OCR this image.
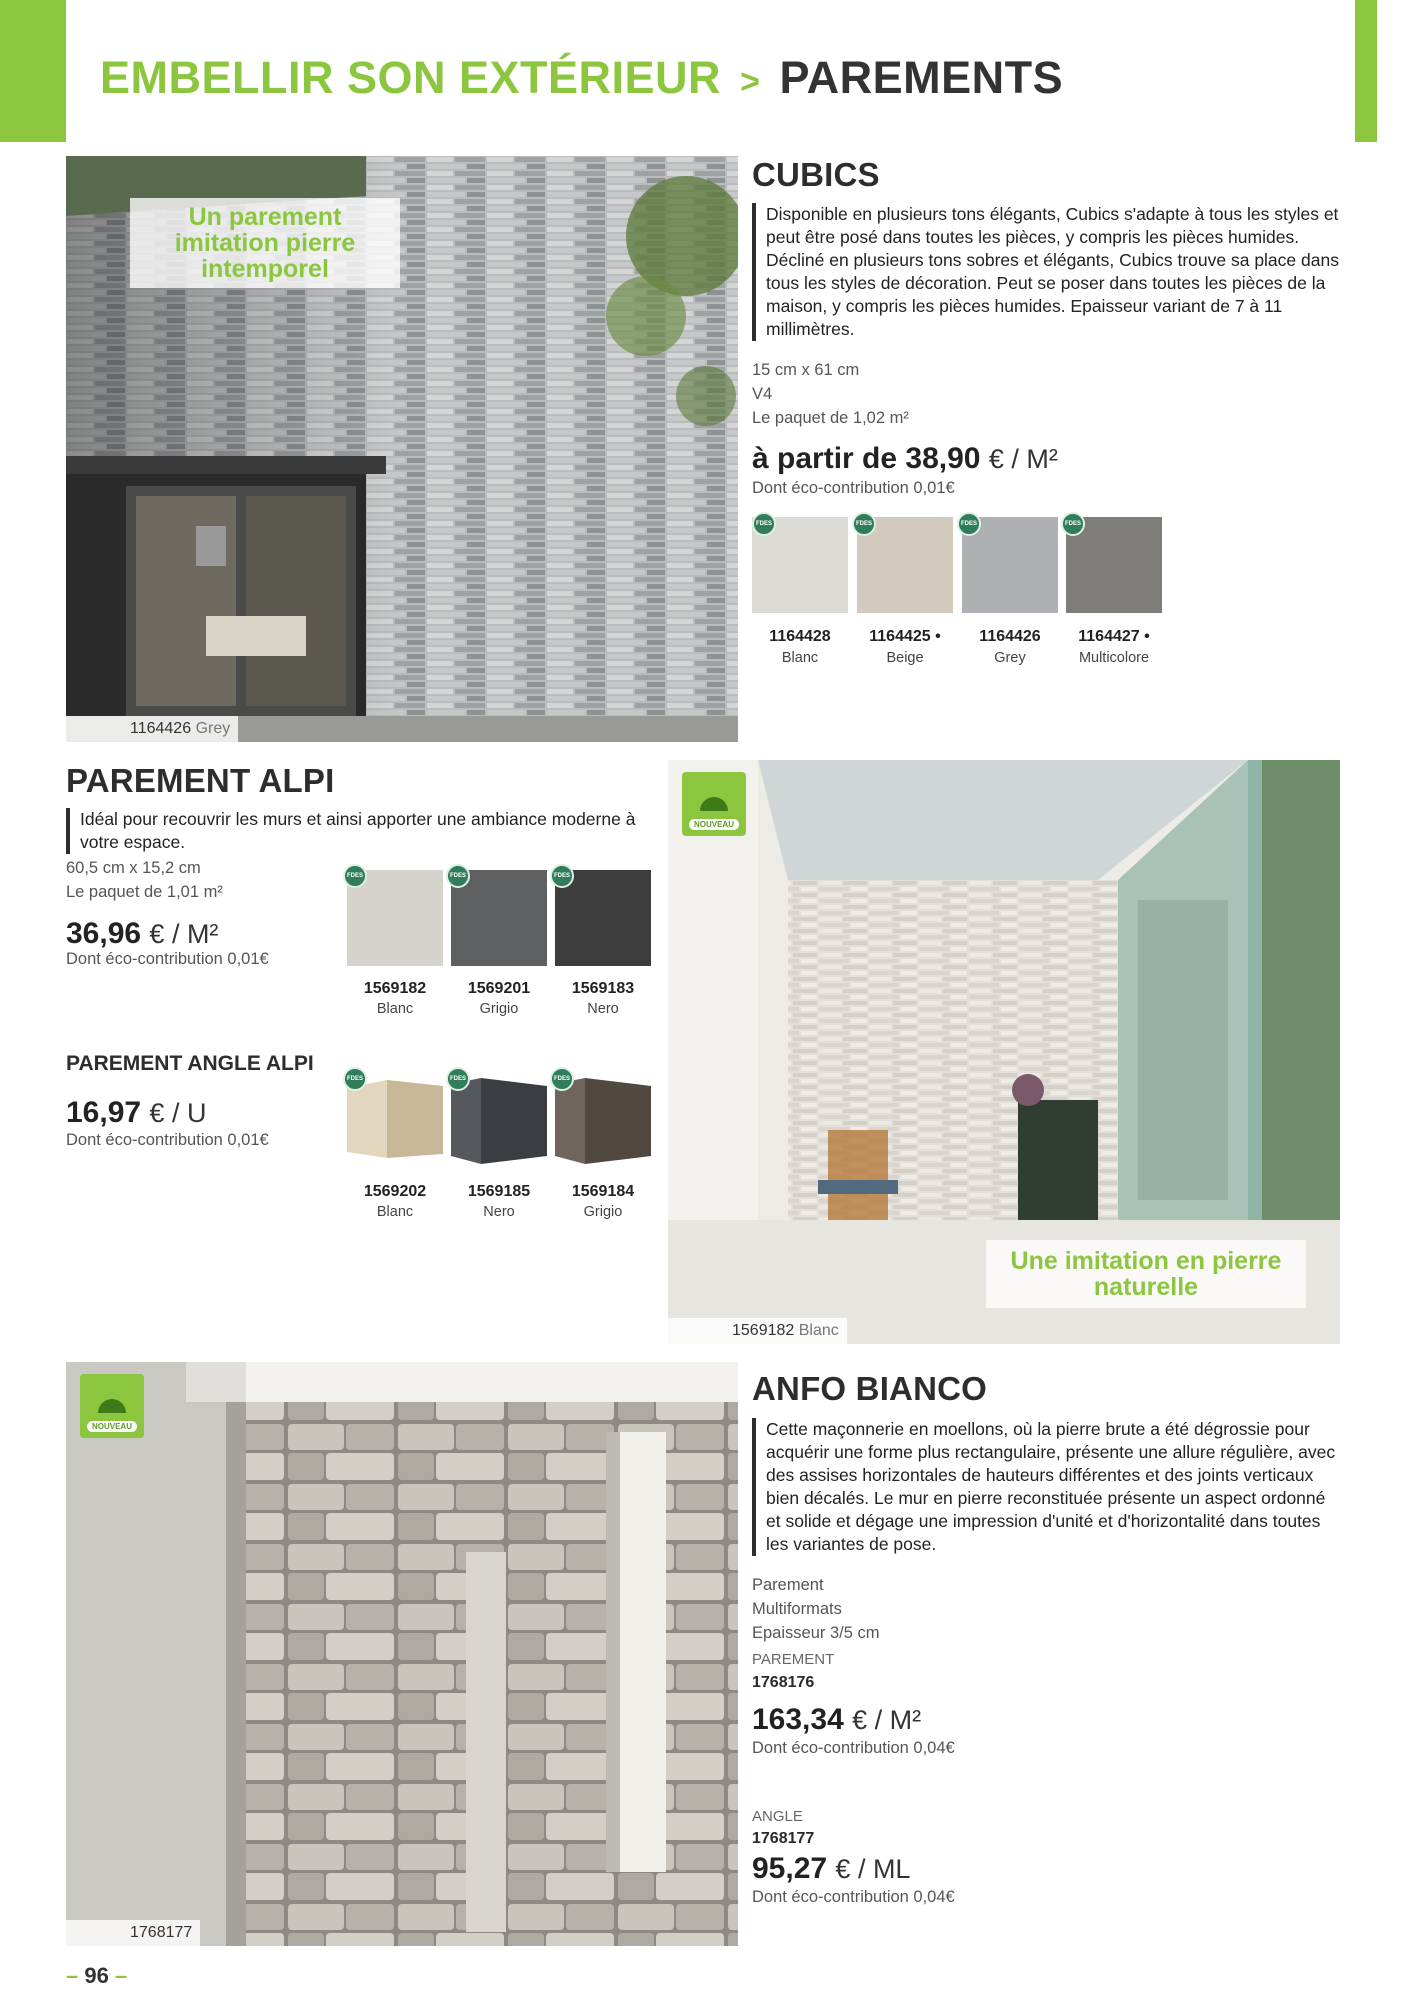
EMBELLIR SON EXTÉRIEUR > PAREMENTS
Un parement
imitation pierre
intemporel
1164426 Grey
CUBICS
Disponible en plusieurs tons élégants, Cubics s'adapte à tous les styles et peut être posé dans toutes les pièces, y compris les pièces humides. Décliné en plusieurs tons sobres et élégants, Cubics trouve sa place dans tous les styles de décoration. Peut se poser dans toutes les pièces de la maison, y compris les pièces humides. Epaisseur variant de 7 à 11 millimètres.
15 cm x 61 cm
V4
Le paquet de 1,02 m²
à partir de 38,90 € / M²
Dont éco-contribution 0,01€
FDES	FDES	FDES	FDES
1164428
Blanc
1164425 •
Beige
1164426
Grey
1164427 •
Multicolore
PAREMENT ALPI
Idéal pour recouvrir les murs et ainsi apporter une ambiance moderne à votre espace.
60,5 cm x 15,2 cm
Le paquet de 1,01 m²
36,96 € / M²
Dont éco-contribution 0,01€
FDES	FDES	FDES
1569182
Blanc
1569201
Grigio
1569183
Nero
PAREMENT ANGLE ALPI
16,97 € / U
Dont éco-contribution 0,01€
FDES	FDES	FDES
1569202
Blanc
1569185
Nero
1569184
Grigio
NOUVEAU
Une imitation en pierre
naturelle
1569182 Blanc
NOUVEAU
1768177
ANFO BIANCO
Cette maçonnerie en moellons, où la pierre brute a été dégrossie pour acquérir une forme plus rectangulaire, présente une allure régulière, avec des assises horizontales de hauteurs différentes et des joints verticaux bien décalés. Le mur en pierre reconstituée présente un aspect ordonné et solide et dégage une impression d'unité et d'horizontalité dans toutes les variantes de pose.
Parement
Multiformats
Epaisseur 3/5 cm
PAREMENT
1768176
163,34 € / M²
Dont éco-contribution 0,04€
ANGLE
1768177
95,27 € / ML
Dont éco-contribution 0,04€
– 96 –
